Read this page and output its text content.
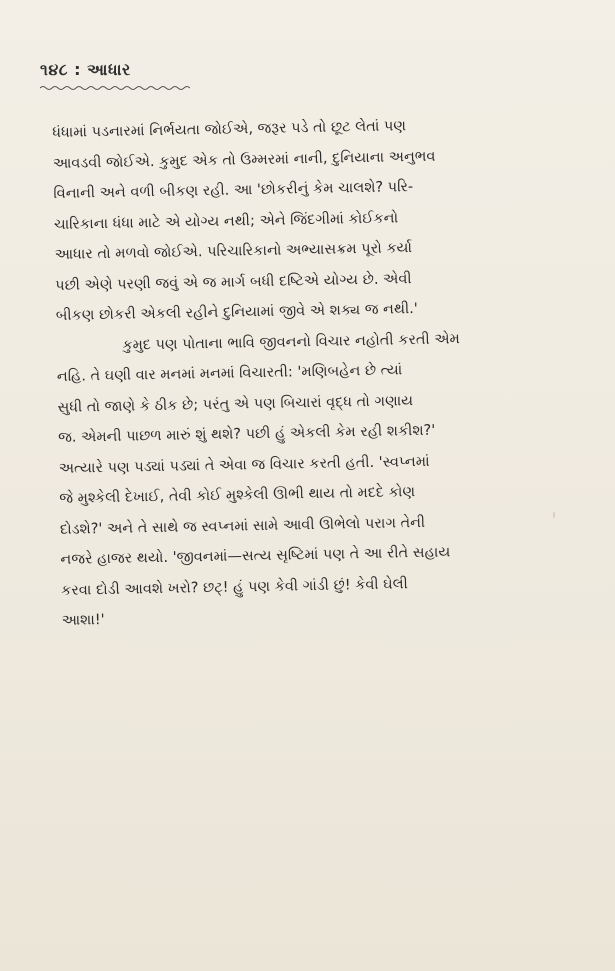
૧૪૮ : આધાર

ધંધામાં પડનારમાં નિર્ભયતા જોઈએ, જરૂર પડે તો છૂટ લેતાં પણ
આવડવી જોઈએ. કુમુદ એક તો ઉમ્મરમાં નાની, દુનિયાના અનુભવ
વિનાની અને વળી બીકણ રહી. આ 'છોકરીનું કેમ ચાલશે? પરિ-
ચારિકાના ધંધા માટે એ યોગ્ય નથી; એને જિંદગીમાં કોઈકનો
આધાર તો મળવો જોઈએ. પરિચારિકાનો અભ્યાસક્રમ પૂરો કર્યા
પછી એણે પરણી જવું એ જ માર્ગ બધી દષ્ટિએ યોગ્ય છે. એવી
બીકણ છોકરી એકલી રહીને દુનિયામાં જીવે એ શક્ય જ નથી.'

કુમુદ પણ પોતાના ભાવિ જીવનનો વિચાર નહોતી કરતી એમ
નહિ. તે ઘણી વાર મનમાં મનમાં વિચારતી: 'મણિબહેન છે ત્યાં
સુધી તો જાણે કે ઠીક છે; પરંતુ એ પણ બિચારાં વૃદ્ધ તો ગણાય
જ. એમની પાછળ મારું શું થશે? પછી હું એકલી કેમ રહી શકીશ?'
અત્યારે પણ પડ્યાં પડ્યાં તે એવા જ વિચાર કરતી હતી. 'સ્વપ્નમાં
જે મુશ્કેલી દેખાઈ, તેવી કોઈ મુશ્કેલી ઊભી થાય તો મદદે કોણ
દોડશે?' અને તે સાથે જ સ્વપ્નમાં સામે આવી ઊભેલો પરાગ તેની
નજરે હાજર થયો. 'જીવનમાં—સત્ય સૃષ્ટિમાં પણ તે આ રીતે સહાય
કરવા દોડી આવશે ખરો? છટ્! હું પણ કેવી ગાંડી છું! કેવી ઘેલી
આશા!'
